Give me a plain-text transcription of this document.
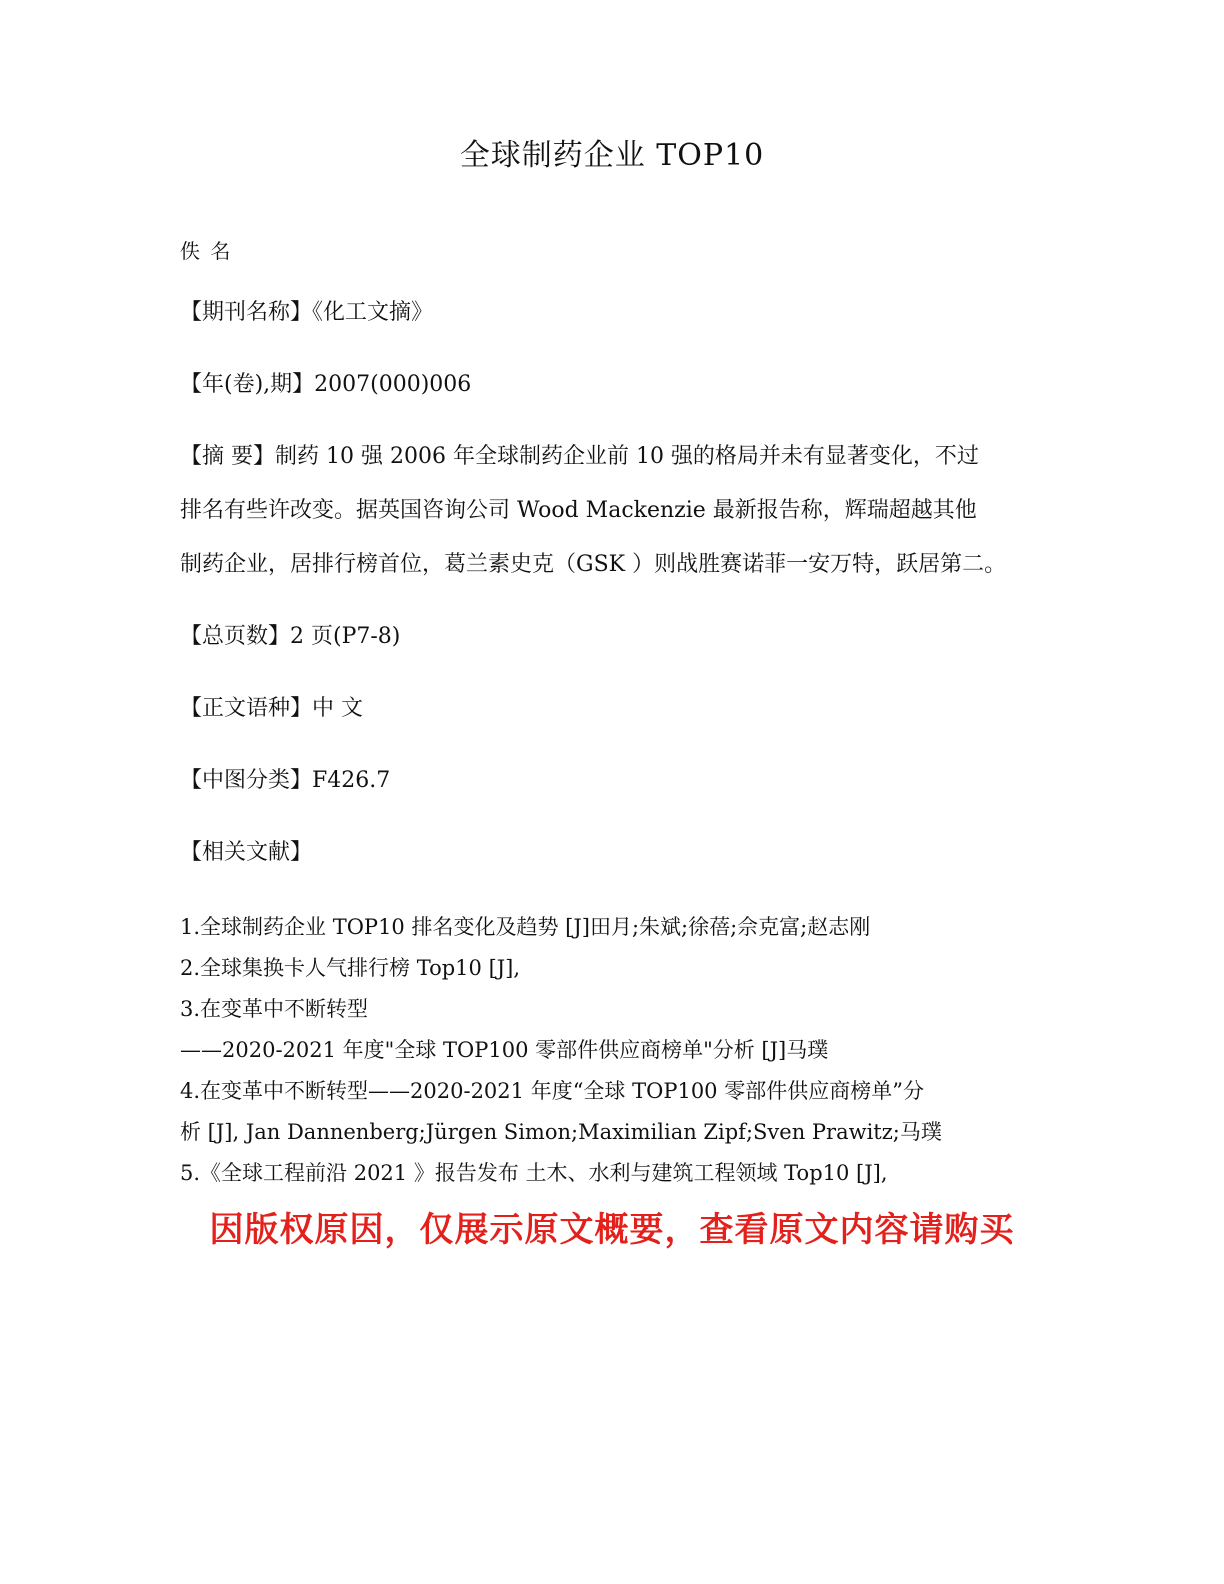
全球制药企业 TOP10
佚 名
【期刊名称】《化工文摘》
【年(卷),期】2007(000)006
【摘 要】制药 10 强 2006 年全球制药企业前 10 强的格局并未有显著变化，不过
排名有些许改变。据英国咨询公司 Wood Mackenzie 最新报告称，辉瑞超越其他
制药企业，居排行榜首位，葛兰素史克（GSK ）则战胜赛诺菲一安万特，跃居第二。
【总页数】2 页(P7-8)
【正文语种】中 文
【中图分类】F426.7
【相关文献】
1.全球制药企业 TOP10 排名变化及趋势 [J]田月;朱斌;徐蓓;佘克富;赵志刚
2.全球集换卡人气排行榜 Top10 [J],
3.在变革中不断转型
——2020-2021 年度"全球 TOP100 零部件供应商榜单"分析 [J]马璞
4.在变革中不断转型——2020-2021 年度“全球 TOP100 零部件供应商榜单”分
析 [J], Jan Dannenberg;Jürgen Simon;Maximilian Zipf;Sven Prawitz;马璞
5.《全球工程前沿 2021 》报告发布 土木、水利与建筑工程领域 Top10 [J],
因版权原因，仅展示原文概要，查看原文内容请购买
